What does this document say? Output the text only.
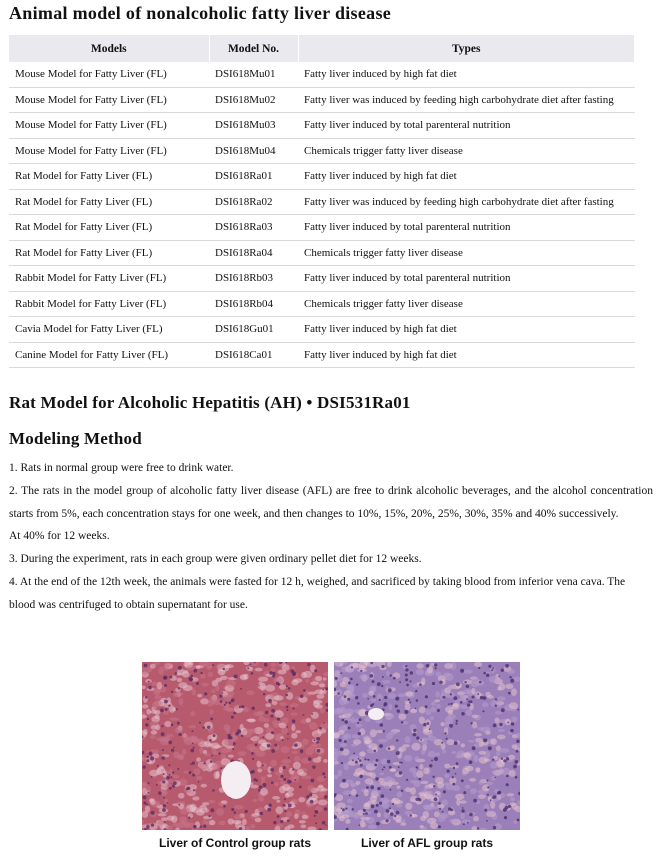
Animal model of nonalcoholic fatty liver disease
Models	Model No.	Types
Mouse Model for Fatty Liver (FL)	DSI618Mu01	Fatty liver induced by high fat diet
Mouse Model for Fatty Liver (FL)	DSI618Mu02	Fatty liver was induced by feeding high carbohydrate diet after fasting
Mouse Model for Fatty Liver (FL)	DSI618Mu03	Fatty liver induced by total parenteral nutrition
Mouse Model for Fatty Liver (FL)	DSI618Mu04	Chemicals trigger fatty liver disease
Rat Model for Fatty Liver (FL)	DSI618Ra01	Fatty liver induced by high fat diet
Rat Model for Fatty Liver (FL)	DSI618Ra02	Fatty liver was induced by feeding high carbohydrate diet after fasting
Rat Model for Fatty Liver (FL)	DSI618Ra03	Fatty liver induced by total parenteral nutrition
Rat Model for Fatty Liver (FL)	DSI618Ra04	Chemicals trigger fatty liver disease
Rabbit Model for Fatty Liver (FL)	DSI618Rb03	Fatty liver induced by total parenteral nutrition
Rabbit Model for Fatty Liver (FL)	DSI618Rb04	Chemicals trigger fatty liver disease
Cavia Model for Fatty Liver (FL)	DSI618Gu01	Fatty liver induced by high fat diet
Canine Model for Fatty Liver (FL)	DSI618Ca01	Fatty liver induced by high fat diet
Rat Model for Alcoholic Hepatitis (AH) • DSI531Ra01
Modeling Method

1. Rats in normal group were free to drink water.

2. The rats in the model group of alcoholic fatty liver disease (AFL) are free to drink alcoholic beverages, and the alcohol concentration starts from 5%, each concentration stays for one week, and then changes to 10%, 15%, 20%, 25%, 30%, 35% and 40% successively.

At 40% for 12 weeks.

3. During the experiment, rats in each group were given ordinary pellet diet for 12 weeks.

4. At the end of the 12th week, the animals were fasted for 12 h, weighed, and sacrificed by taking blood from inferior vena cava. The blood was centrifuged to obtain supernatant for use.

Liver of Control group rats	Liver of AFL group rats
